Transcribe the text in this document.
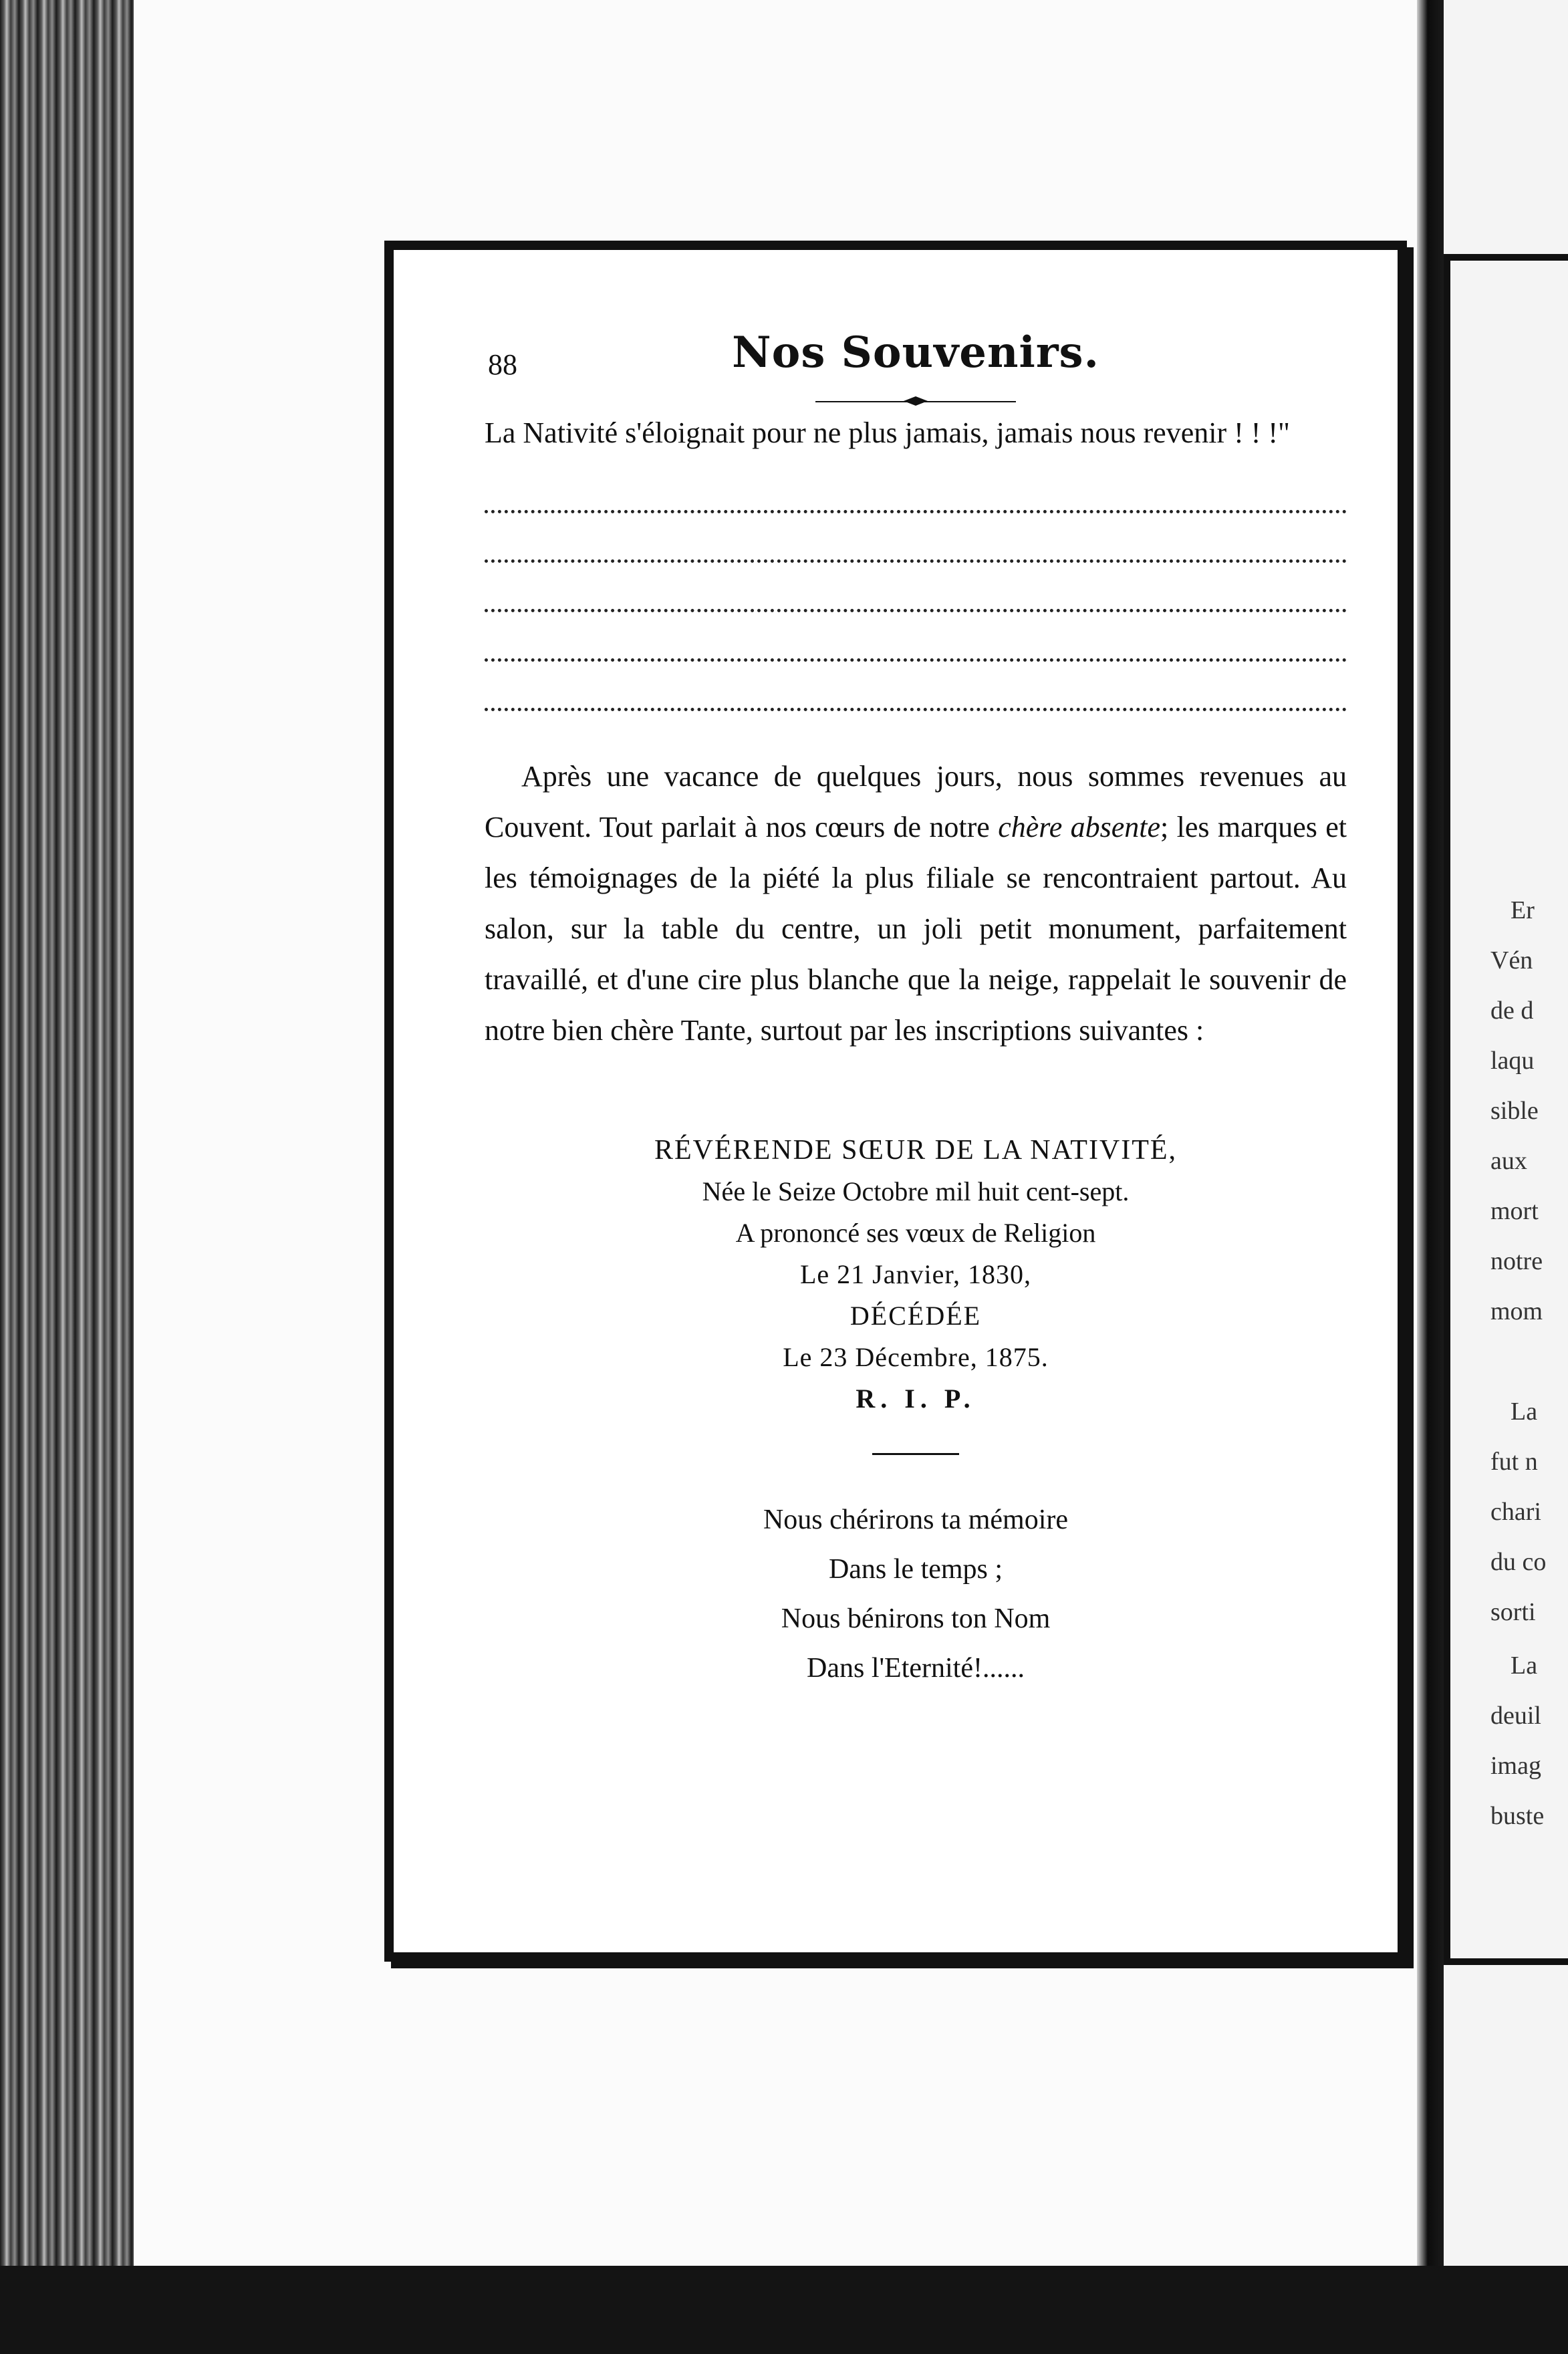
Er
Vén
de d
laqu
sible
aux
mort
notre
mom
La
fut n
chari
du co
sorti
La
deuil
imag
buste
88	Nos Souvenirs.

La Nativité s'éloignait pour ne plus jamais, jamais nous revenir ! ! !"

Après une vacance de quelques jours, nous sommes revenues au Couvent. Tout parlait à nos cœurs de notre chère absente; les marques et les témoignages de la piété la plus filiale se rencontraient partout. Au salon, sur la table du centre, un joli petit monument, parfaitement travaillé, et d'une cire plus blanche que la neige, rappelait le souvenir de notre bien chère Tante, surtout par les inscriptions suivantes :

RÉVÉRENDE SŒUR DE LA NATIVITÉ,
Née le Seize Octobre mil huit cent-sept.
A prononcé ses vœux de Religion
Le 21 Janvier, 1830,
DÉCÉDÉE
Le 23 Décembre, 1875.
R. I. P.
Nous chérirons ta mémoire
Dans le temps ;
Nous bénirons ton Nom
Dans l'Eternité!......
